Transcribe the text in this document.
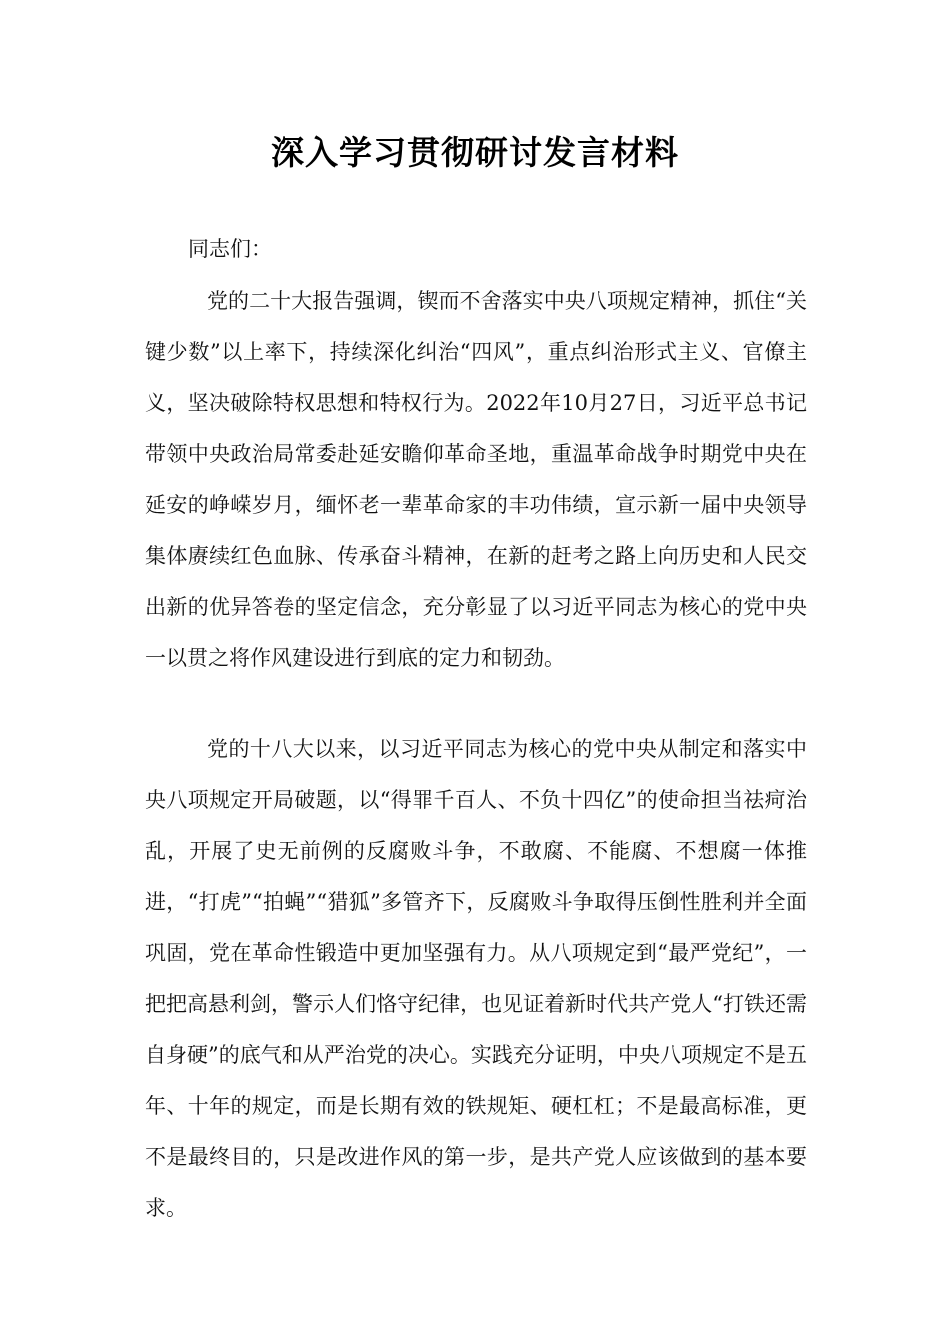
深入学习贯彻研讨发言材料
同志们：

党的二十大报告强调，锲而不舍落实中央八项规定精神，抓住“关键少数”以上率下，持续深化纠治“四风”，重点纠治形式主义、官僚主义，坚决破除特权思想和特权行为。2022年10月27日，习近平总书记带领中央政治局常委赴延安瞻仰革命圣地，重温革命战争时期党中央在延安的峥嵘岁月，缅怀老一辈革命家的丰功伟绩，宣示新一届中央领导集体赓续红色血脉、传承奋斗精神，在新的赶考之路上向历史和人民交出新的优异答卷的坚定信念，充分彰显了以习近平同志为核心的党中央一以贯之将作风建设进行到底的定力和韧劲。

党的十八大以来，以习近平同志为核心的党中央从制定和落实中央八项规定开局破题，以“得罪千百人、不负十四亿”的使命担当祛疴治乱，开展了史无前例的反腐败斗争，不敢腐、不能腐、不想腐一体推进，“打虎”“拍蝇”“猎狐”多管齐下，反腐败斗争取得压倒性胜利并全面巩固，党在革命性锻造中更加坚强有力。从八项规定到“最严党纪”，一把把高悬利剑，警示人们恪守纪律，也见证着新时代共产党人“打铁还需自身硬”的底气和从严治党的决心。实践充分证明，中央八项规定不是五年、十年的规定，而是长期有效的铁规矩、硬杠杠；不是最高标准，更不是最终目的，只是改进作风的第一步，是共产党人应该做到的基本要求。
